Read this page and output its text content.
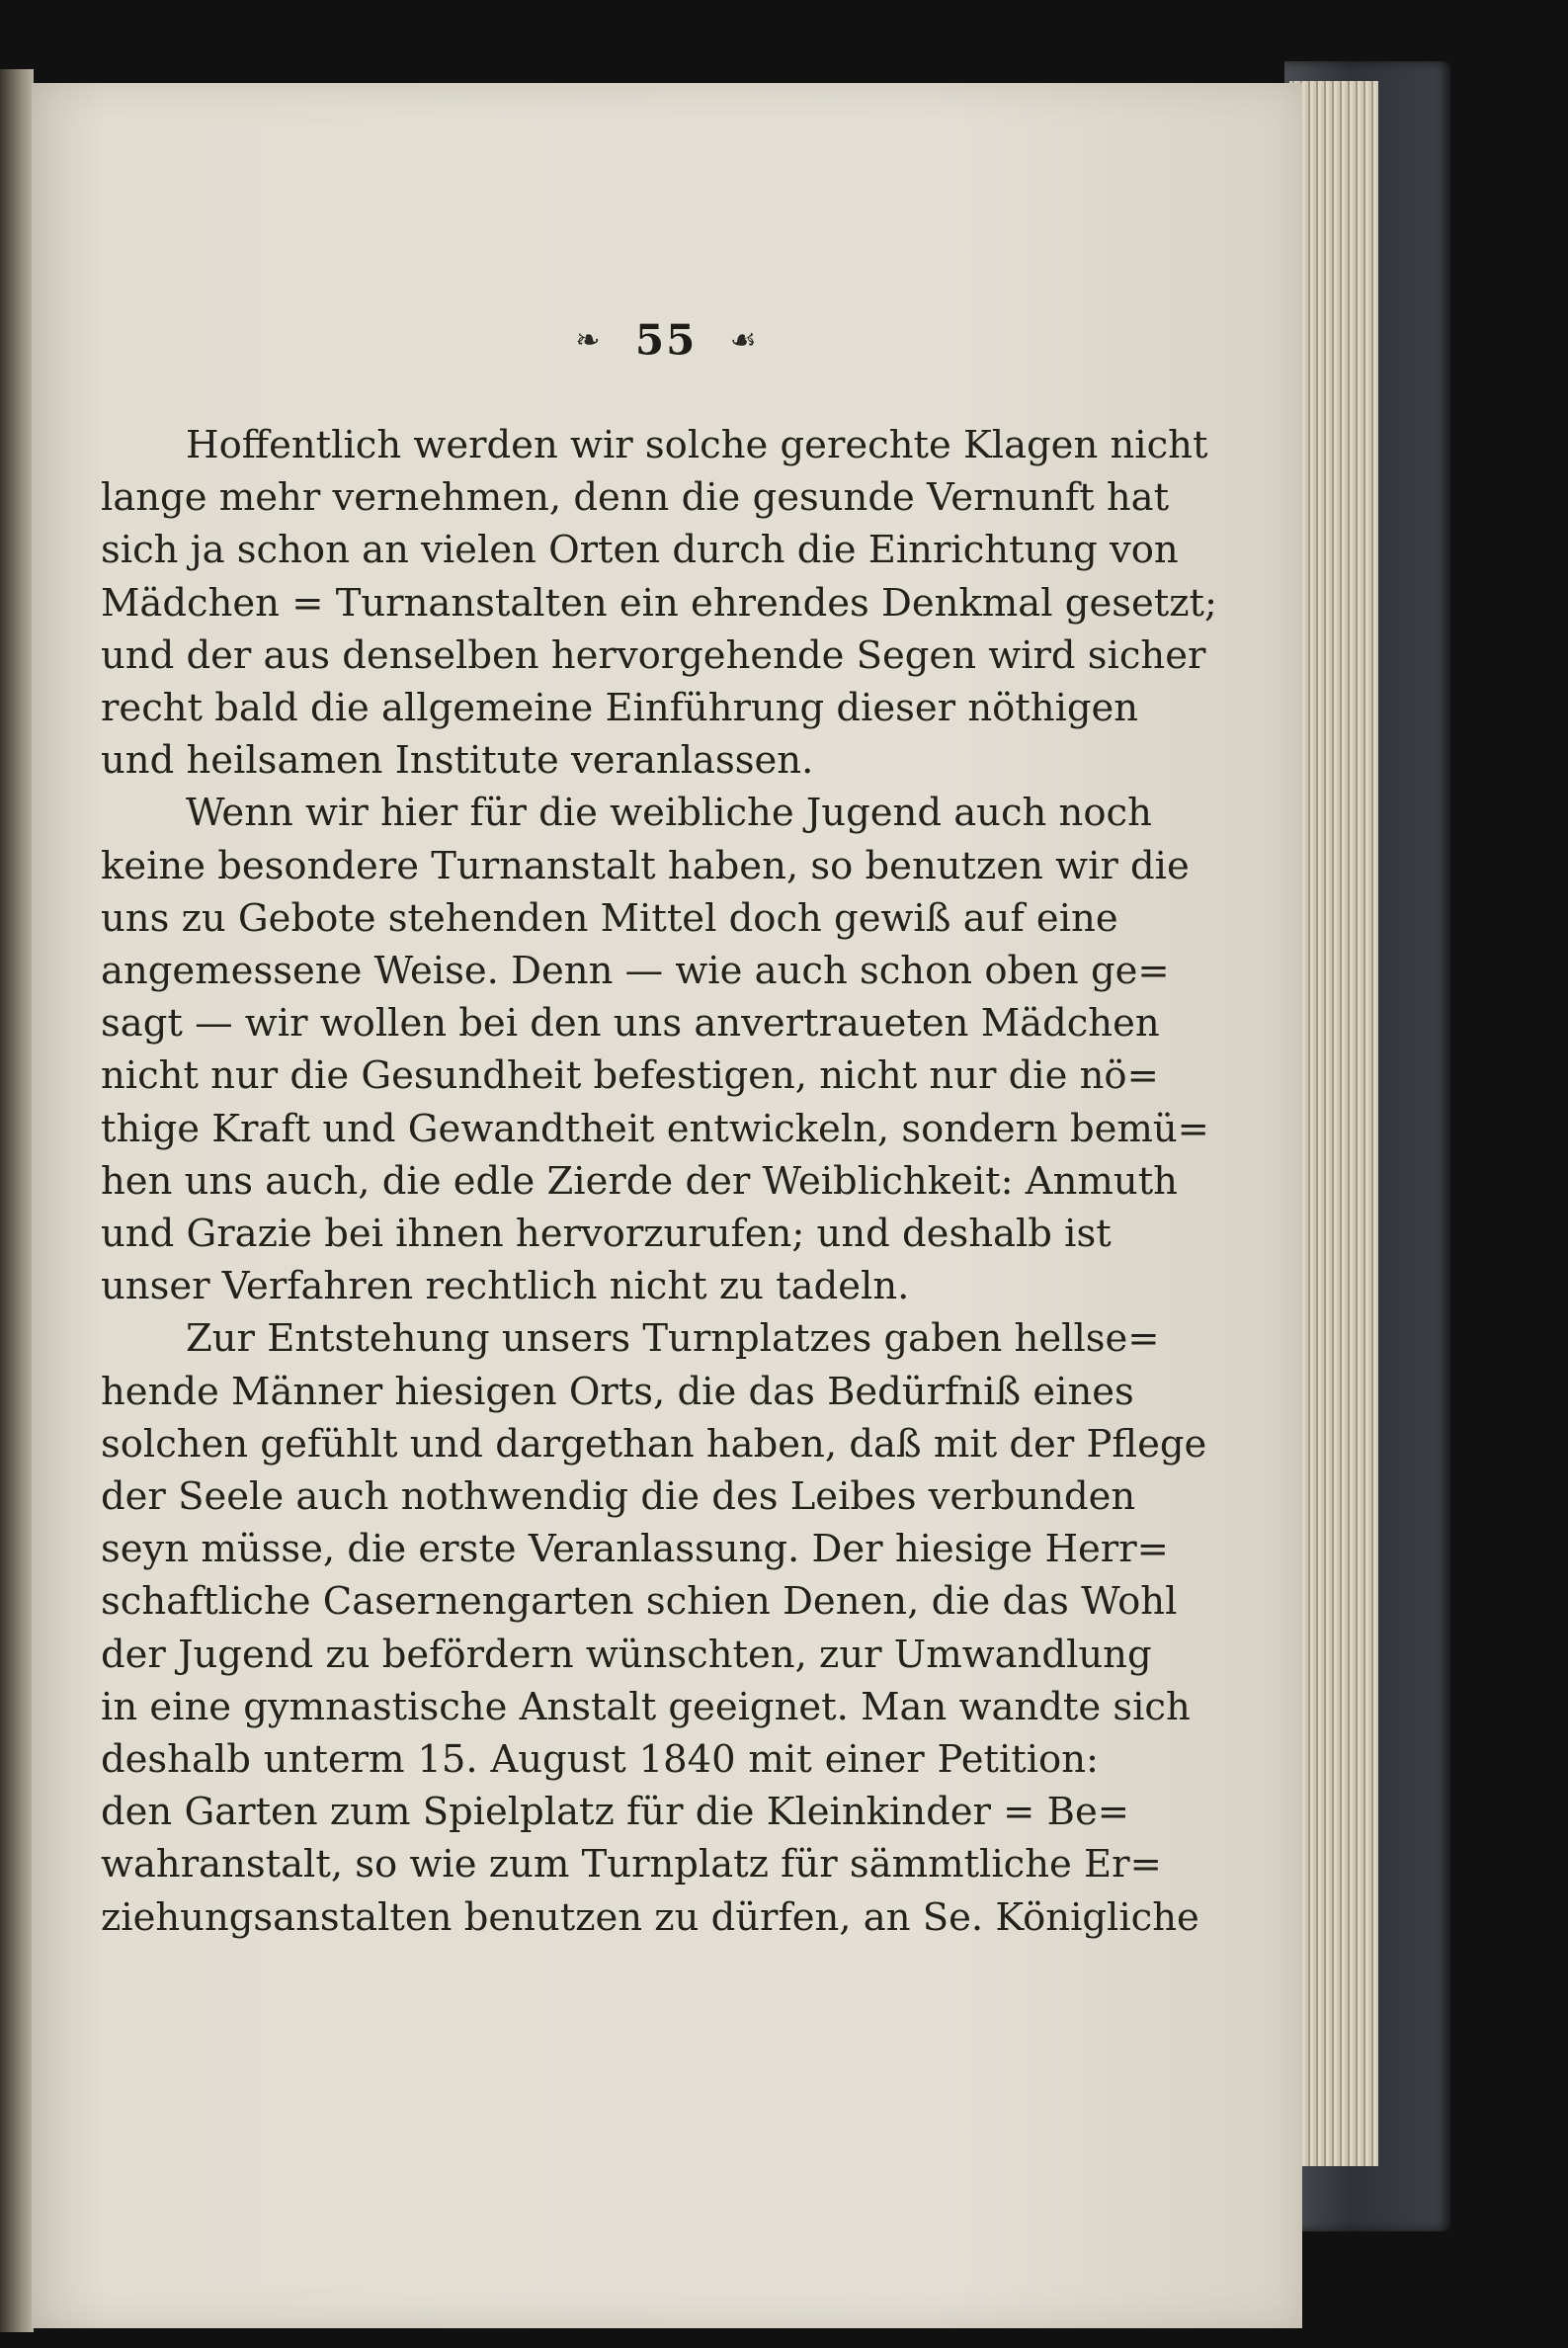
❧ 55 ☙
Hoffentlich werden wir solche gerechte Klagen nicht
lange mehr vernehmen, denn die gesunde Vernunft hat
sich ja schon an vielen Orten durch die Einrichtung von
Mädchen = Turnanstalten ein ehrendes Denkmal gesetzt;
und der aus denselben hervorgehende Segen wird sicher
recht bald die allgemeine Einführung dieser nöthigen
und heilsamen Institute veranlassen.
Wenn wir hier für die weibliche Jugend auch noch
keine besondere Turnanstalt haben, so benutzen wir die
uns zu Gebote stehenden Mittel doch gewiß auf eine
angemessene Weise. Denn — wie auch schon oben ge=
sagt — wir wollen bei den uns anvertraueten Mädchen
nicht nur die Gesundheit befestigen, nicht nur die nö=
thige Kraft und Gewandtheit entwickeln, sondern bemü=
hen uns auch, die edle Zierde der Weiblichkeit: Anmuth
und Grazie bei ihnen hervorzurufen; und deshalb ist
unser Verfahren rechtlich nicht zu tadeln.
Zur Entstehung unsers Turnplatzes gaben hellse=
hende Männer hiesigen Orts, die das Bedürfniß eines
solchen gefühlt und dargethan haben, daß mit der Pflege
der Seele auch nothwendig die des Leibes verbunden
seyn müsse, die erste Veranlassung. Der hiesige Herr=
schaftliche Casernengarten schien Denen, die das Wohl
der Jugend zu befördern wünschten, zur Umwandlung
in eine gymnastische Anstalt geeignet. Man wandte sich
deshalb unterm 15. August 1840 mit einer Petition:
den Garten zum Spielplatz für die Kleinkinder = Be=
wahranstalt, so wie zum Turnplatz für sämmtliche Er=
ziehungsanstalten benutzen zu dürfen, an Se. Königliche
